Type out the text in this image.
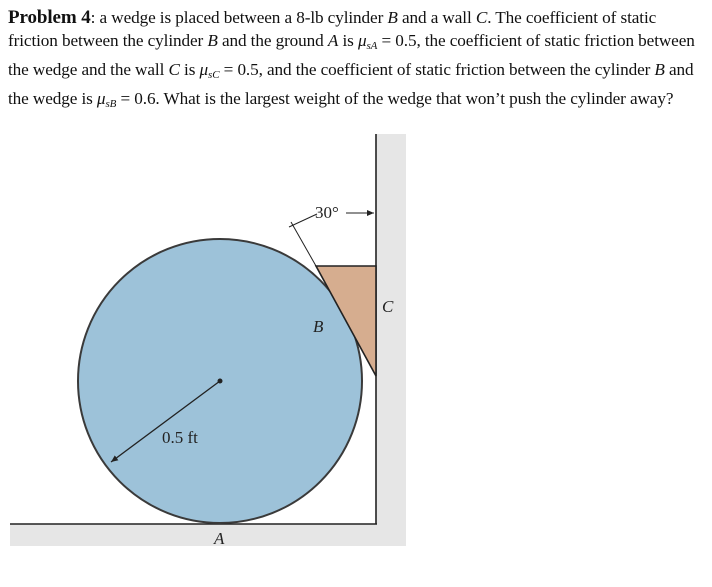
Problem 4: a wedge is placed between a 8-lb cylinder B and a wall C. The coefficient of static friction between the cylinder B and the ground A is $\mu_{sA} = 0.5$, the coefficient of static friction between the wedge and the wall C is $\mu_{sC} = 0.5$, and the coefficient of static friction between the cylinder B and the wedge is $\mu_{sB} = 0.6$. What is the largest weight of the wedge that won’t push the cylinder away?
30°
C
B
0.5 ft
A
